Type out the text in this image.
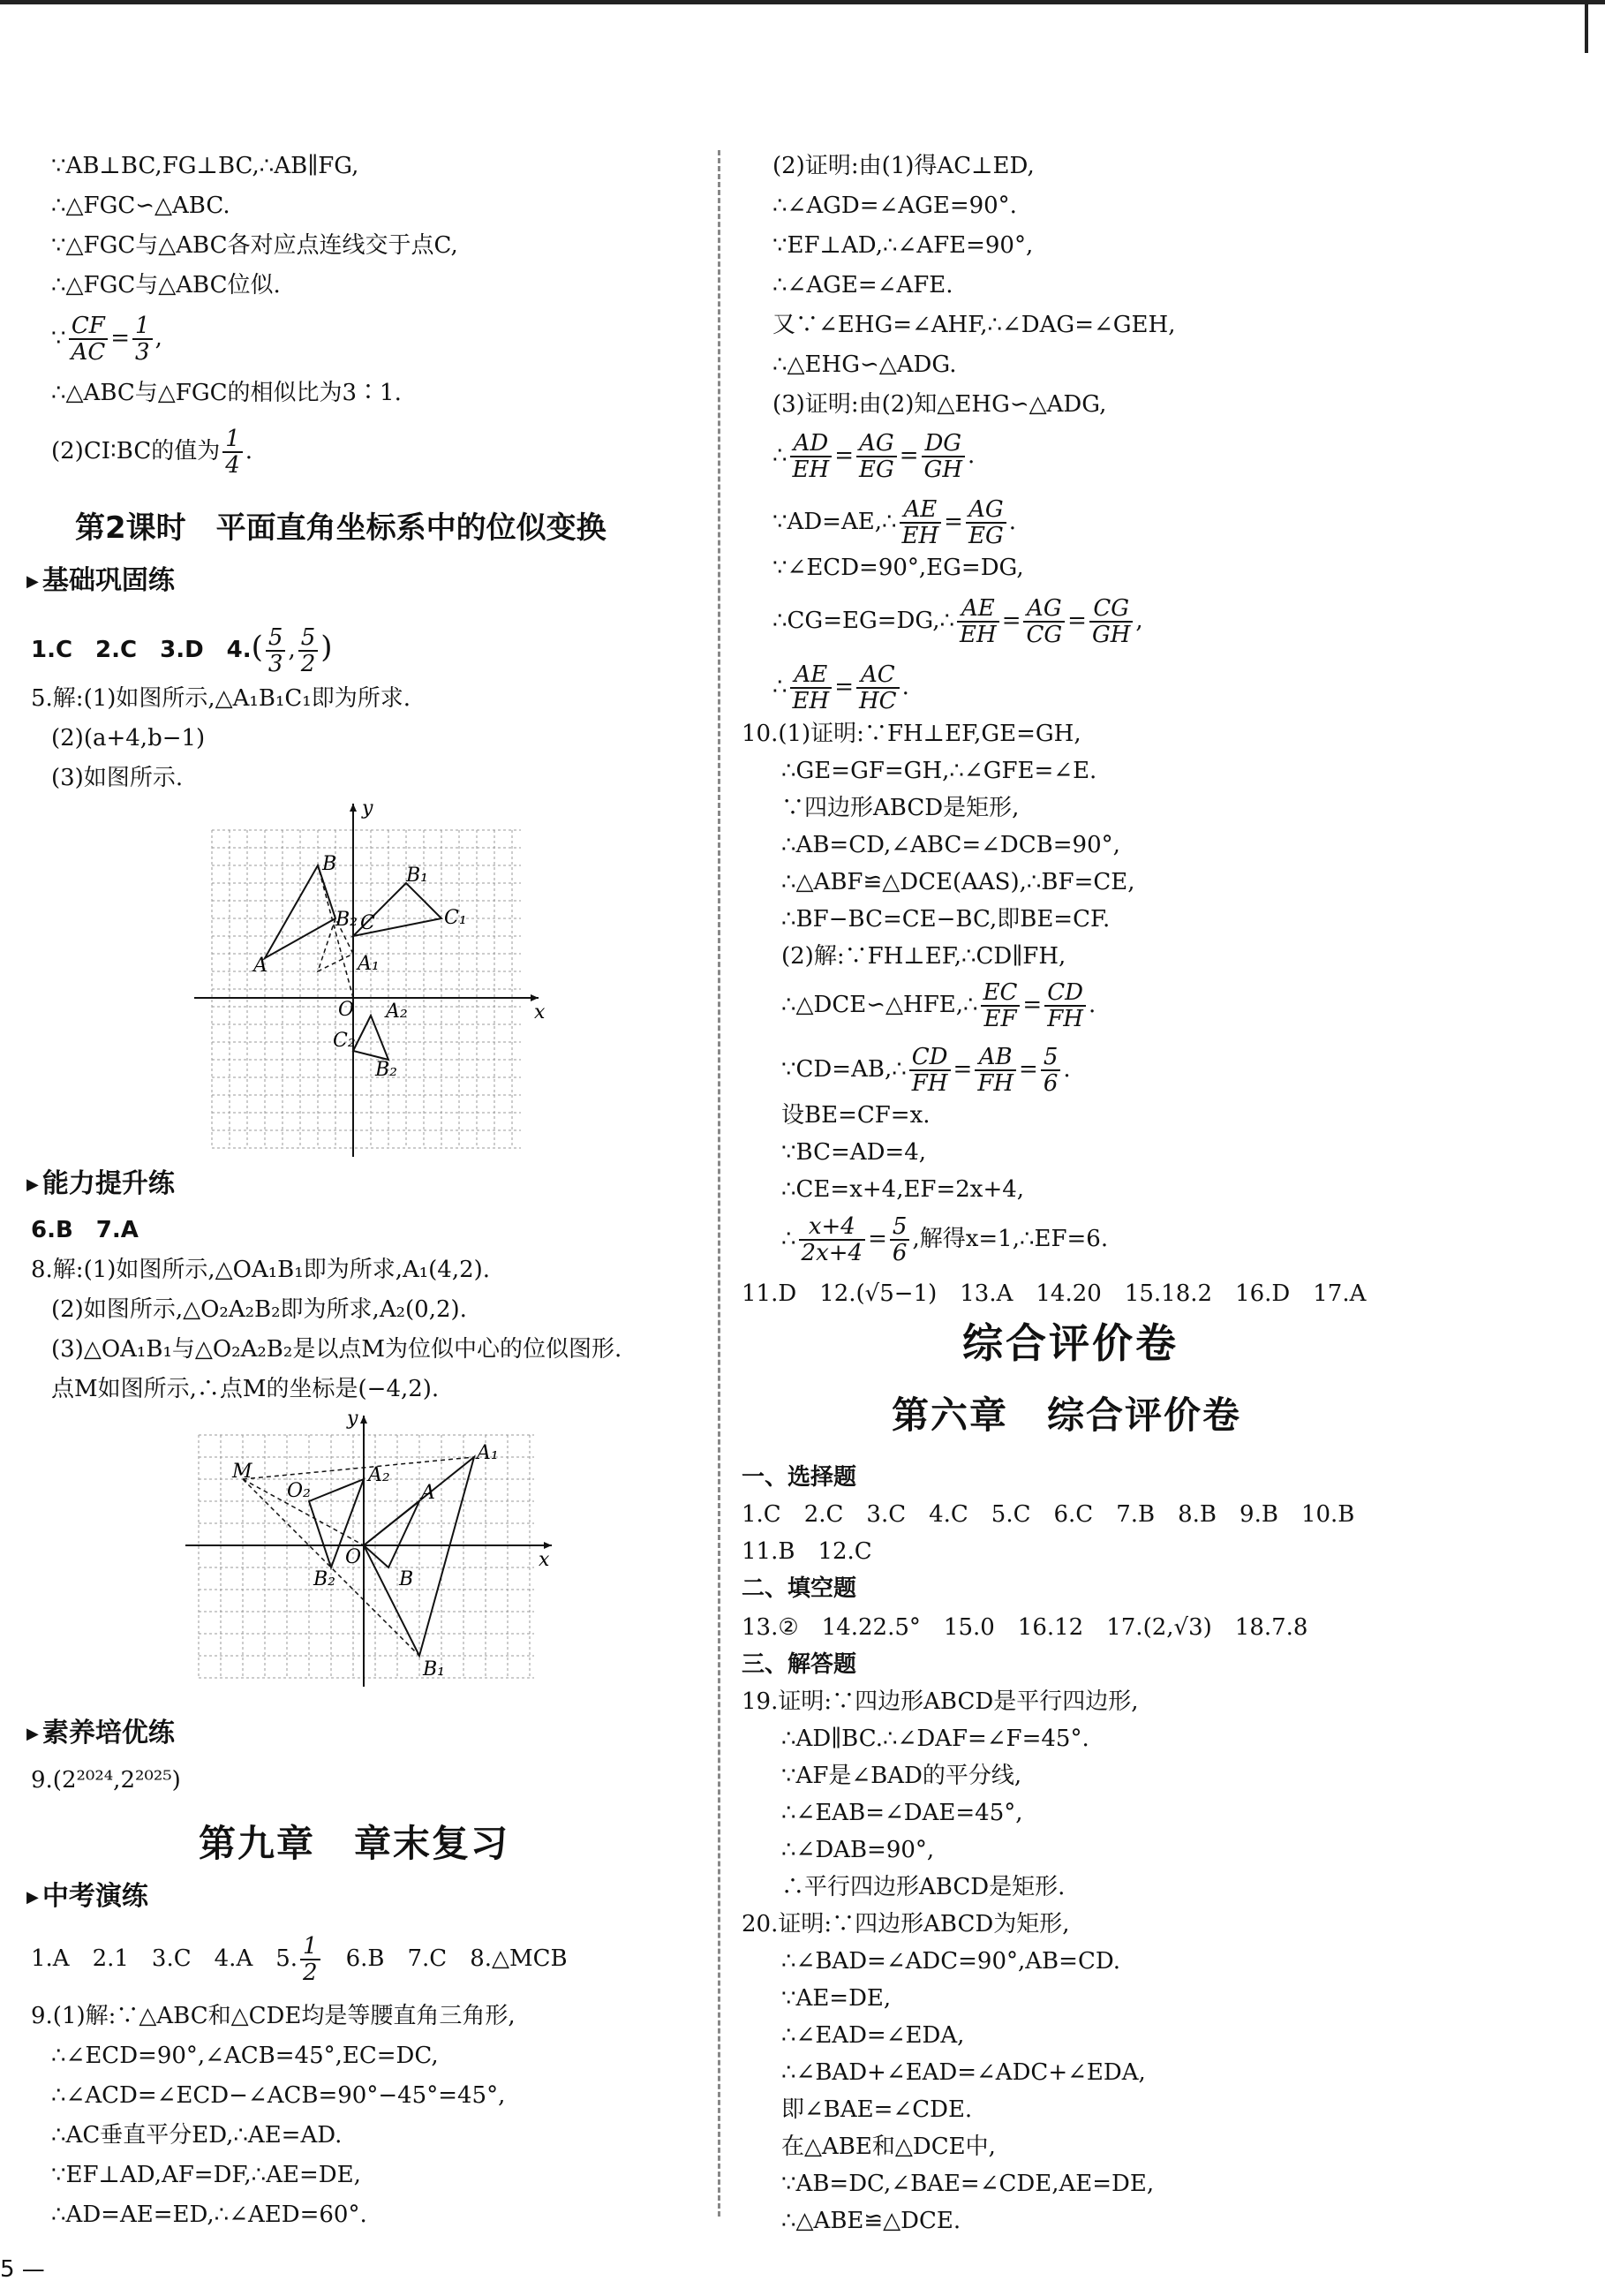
∵AB⊥BC,FG⊥BC,∴AB∥FG,
∴△FGC∽△ABC.
∵△FGC与△ABC各对应点连线交于点C,
∴△FGC与△ABC位似.
∵ $\frac{CF}{AC} = \frac{1}{3}$ ,
∴△ABC与△FGC的相似比为3∶1.
(2)CI∶BC的值为 $\frac{1}{4}$ .
第2课时　平面直角坐标系中的位似变换
▶ 基础巩固练
1.C　2.C　3.D　$4.( \frac{5}{3}$ , $\frac{5}{2}$ )
5.解:(1)如图所示,△A₁B₁C₁即为所求.
(2)(a+4,b−1)
(3)如图所示.
▶ 能力提升练
6.B　7.A
8.解:(1)如图所示,△OA₁B₁即为所求,A₁(4,2).
(2)如图所示,△O₂A₂B₂即为所求,A₂(0,2).
(3)△OA₁B₁与△O₂A₂B₂是以点M为位似中心的位似图形.
点M如图所示,∴点M的坐标是(−4,2).
▶ 素养培优练
9.(2²⁰²⁴,2²⁰²⁵)
第九章　章末复习
▶ 中考演练
1.A　2.1　3.C　4.A　5. $\frac{1}{2}$ 　6.B　7.C　8.△MCB
9.(1)解:∵△ABC和△CDE均是等腰直角三角形,
∴∠ECD=90°,∠ACB=45°,EC=DC,
∴∠ACD=∠ECD−∠ACB=90°−45°=45°,
∴AC垂直平分ED,∴AE=AD.
∵EF⊥AD,AF=DF,∴AE=DE,
∴AD=AE=ED,∴∠AED=60°.
B
B₁
B₂ C	C₁
C₂
A	A₁
A₂
B₂
O	x
y
M
O₂
A₂
A
A₁
B₂	B
B₁
O	x
y
(2)证明:由(1)得AC⊥ED,
∴∠AGD=∠AGE=90°.
∵EF⊥AD,∴∠AFE=90°,
∴∠AGE=∠AFE.
又∵∠EHG=∠AHF,∴∠DAG=∠GEH,
∴△EHG∽△ADG.
(3)证明:由(2)知△EHG∽△ADG,
∴ $\frac{AD}{EH} = \frac{AG}{EG} = \frac{DG}{GH}$ .
∵AD=AE,∴ $\frac{AE}{EH} = \frac{AG}{EG}$ .
∵∠ECD=90°,EG=DG,
∴CG=EG=DG,∴ $\frac{AE}{EH} = \frac{AG}{CG} = \frac{CG}{GH}$ ,
∴ $\frac{AE}{EH} = \frac{AC}{HC}$ .
10.(1)证明:∵FH⊥EF,GE=GH,
∴GE=GF=GH,∴∠GFE=∠E.
∵四边形ABCD是矩形,
∴AB=CD,∠ABC=∠DCB=90°,
∴△ABF≌△DCE(AAS),∴BF=CE,
∴BF−BC=CE−BC,即BE=CF.
(2)解:∵FH⊥EF,∴CD∥FH,
∴△DCE∽△HFE,∴ $\frac{EC}{EF} = \frac{CD}{FH}$ .
∵CD=AB,∴ $\frac{CD}{FH} = \frac{AB}{FH} = \frac{5}{6}$ .
设BE=CF=x.
∵BC=AD=4,
∴CE=x+4,EF=2x+4,
∴ $\frac{x+4}{2x+4} = \frac{5}{6}$ ,解得x=1,∴EF=6.
11.D　12.(√5−1)　13.A　14.20　15.18.2　16.D　17.A
综合评价卷
第六章　综合评价卷
一、选择题
1.C　2.C　3.C　4.C　5.C　6.C　7.B　8.B　9.B　10.B
11.B　12.C
二、填空题
13.②　14.22.5°　15.0　16.12　17.(2,√3)　18.7.8
三、解答题
19.证明:∵四边形ABCD是平行四边形,
∴AD∥BC.∴∠DAF=∠F=45°.
∵AF是∠BAD的平分线,
∴∠EAB=∠DAE=45°,
∴∠DAB=90°,
∴平行四边形ABCD是矩形.
20.证明:∵四边形ABCD为矩形,
∴∠BAD=∠ADC=90°,AB=CD.
∵AE=DE,
∴∠EAD=∠EDA,
∴∠BAD+∠EAD=∠ADC+∠EDA,
即∠BAE=∠CDE.
在△ABE和△DCE中,
∵AB=DC,∠BAE=∠CDE,AE=DE,
∴△ABE≌△DCE.
5 —
